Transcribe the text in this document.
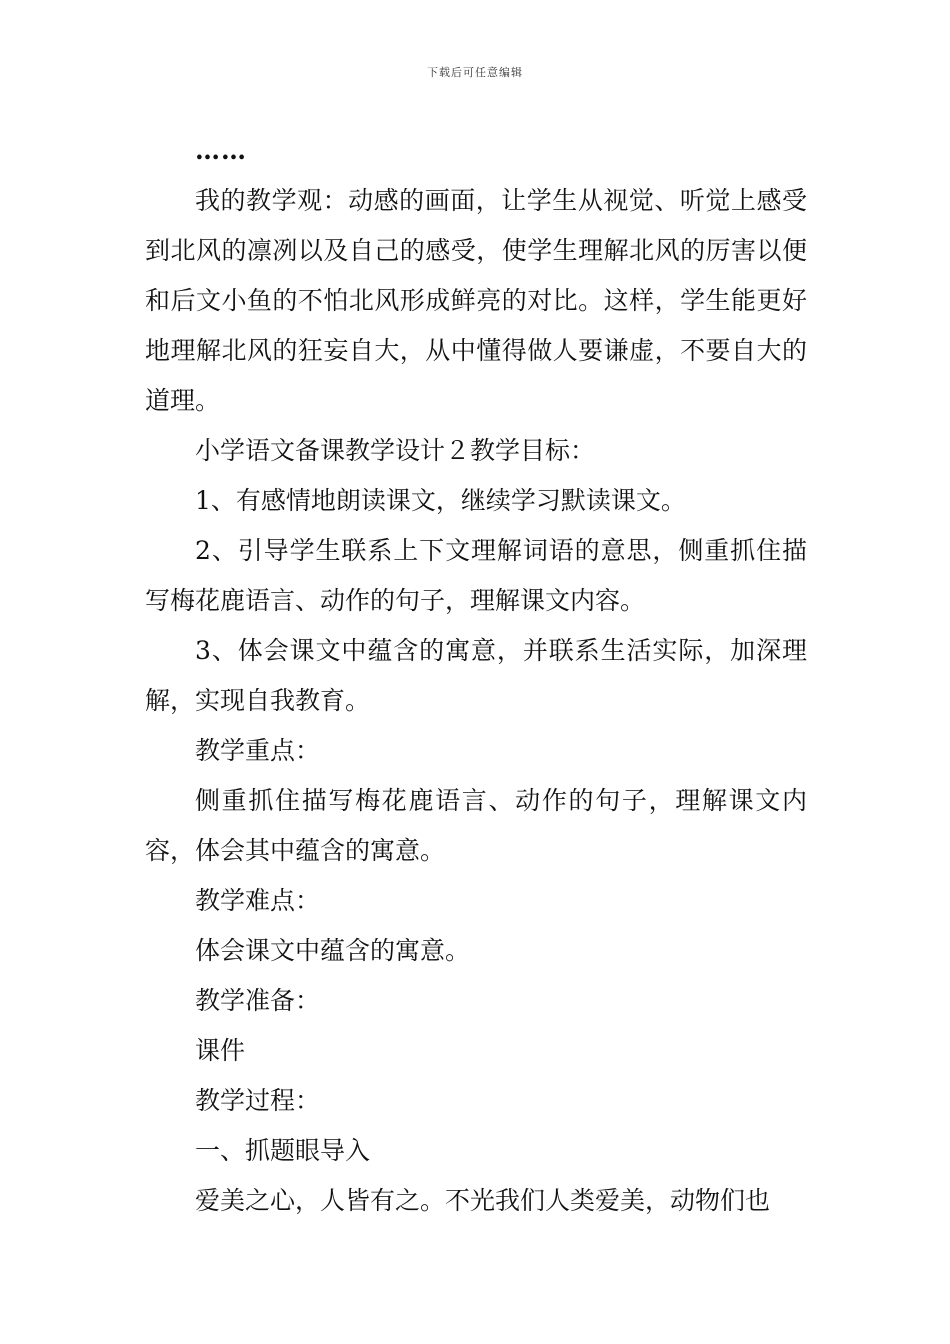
下载后可任意编辑

……

我的教学观：动感的画面，让学生从视觉、听觉上感受到北风的凛冽以及自己的感受，使学生理解北风的厉害以便和后文小鱼的不怕北风形成鲜亮的对比。这样，学生能更好地理解北风的狂妄自大，从中懂得做人要谦虚，不要自大的道理。

小学语文备课教学设计２教学目标：

1、有感情地朗读课文，继续学习默读课文。

2、引导学生联系上下文理解词语的意思，侧重抓住描写梅花鹿语言、动作的句子，理解课文内容。

3、体会课文中蕴含的寓意，并联系生活实际，加深理解，实现自我教育。

教学重点：

侧重抓住描写梅花鹿语言、动作的句子，理解课文内容，体会其中蕴含的寓意。

教学难点：

体会课文中蕴含的寓意。

教学准备：

课件

教学过程：

一、抓题眼导入

爱美之心，人皆有之。不光我们人类爱美，动物们也
